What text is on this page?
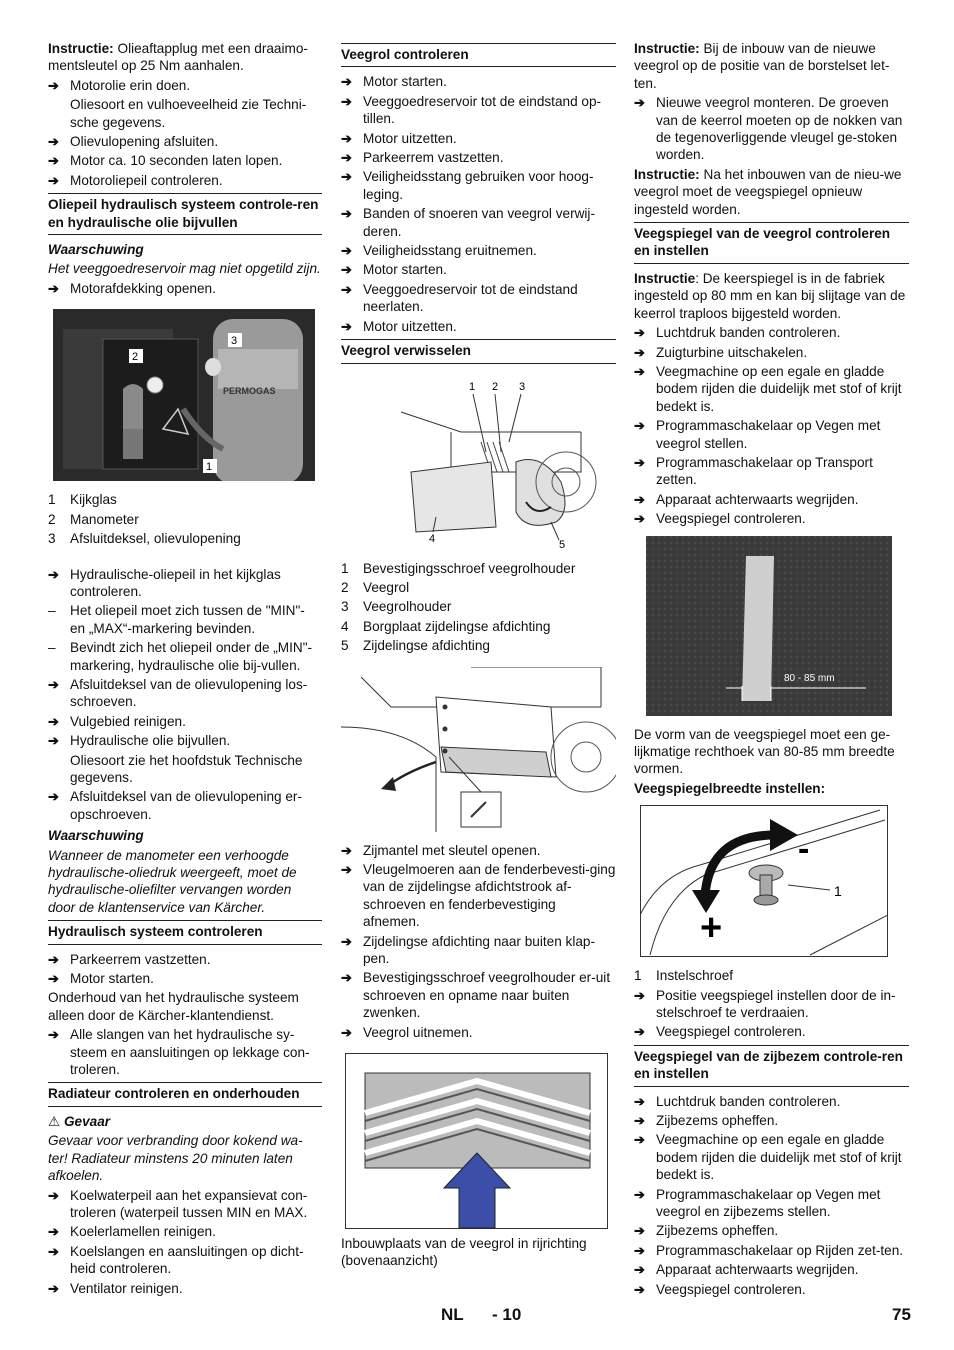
Instructie: Olieaftapplug met een draaimo-mentsleutel op 25 Nm aanhalen.

➔ Motorolie erin doen.
Oliesoort en vulhoeveelheid zie Techni-sche gegevens.
➔ Olievulopening afsluiten.
➔ Motor ca. 10 seconden laten lopen.
➔ Motoroliepeil controleren.
Oliepeil hydraulisch systeem controle-ren en hydraulische olie bijvullen
Waarschuwing
Het veeggoedreservoir mag niet opgetild zijn.
➔ Motorafdekking openen.
PERMOGAS
2
3
1
1 Kijkglas
2 Manometer
3 Afsluitdeksel, olievulopening
➔ Hydraulische-oliepeil in het kijkglas controleren.
– Het oliepeil moet zich tussen de "MIN"- en „MAX“-markering bevinden.
– Bevindt zich het oliepeil onder de „MIN"-markering, hydraulische olie bij-vullen.
➔ Afsluitdeksel van de olievulopening los-schroeven.
➔ Vulgebied reinigen.
➔ Hydraulische olie bijvullen.
Oliesoort zie het hoofdstuk Technische gegevens.
➔ Afsluitdeksel van de olievulopening er-opschroeven.
Waarschuwing
Wanneer de manometer een verhoogde hydraulische-oliedruk weergeeft, moet de hydraulische-oliefilter vervangen worden door de klantenservice van Kärcher.
Hydraulisch systeem controleren
➔ Parkeerrem vastzetten.
➔ Motor starten.

Onderhoud van het hydraulische systeem alleen door de Kärcher-klantendienst.

➔ Alle slangen van het hydraulische sy-steem en aansluitingen op lekkage con-troleren.
Radiateur controleren en onderhouden
⚠ Gevaar
Gevaar voor verbranding door kokend wa-ter! Radiateur minstens 20 minuten laten afkoelen.
➔ Koelwaterpeil aan het expansievat con-troleren (waterpeil tussen MIN en MAX.
➔ Koelerlamellen reinigen.
➔ Koelslangen en aansluitingen op dicht-heid controleren.
➔ Ventilator reinigen.
Veegrol controleren
➔ Motor starten.
➔ Veeggoedreservoir tot de eindstand op-tillen.
➔ Motor uitzetten.
➔ Parkeerrem vastzetten.
➔ Veiligheidsstang gebruiken voor hoog-leging.
➔ Banden of snoeren van veegrol verwij-deren.
➔ Veiligheidsstang eruitnemen.
➔ Motor starten.
➔ Veeggoedreservoir tot de eindstand neerlaten.
➔ Motor uitzetten.
Veegrol verwisselen
1 2 3
4	5
1 Bevestigingsschroef veegrolhouder
2 Veegrol
3 Veegrolhouder
4 Borgplaat zijdelingse afdichting
5 Zijdelingse afdichting
➔ Zijmantel met sleutel openen.
➔ Vleugelmoeren aan de fenderbevesti-ging van de zijdelingse afdichtstrook af-schroeven en fenderbevestiging afnemen.
➔ Zijdelingse afdichting naar buiten klap-pen.
➔ Bevestigingsschroef veegrolhouder er-uit schroeven en opname naar buiten zwenken.
➔ Veegrol uitnemen.
Inbouwplaats van de veegrol in rijrichting (bovenaanzicht)

Instructie: Bij de inbouw van de nieuwe veegrol op de positie van de borstelset let-ten.

➔ Nieuwe veegrol monteren. De groeven van de keerrol moeten op de nokken van de tegenoverliggende vleugel ge-stoken worden.

Instructie: Na het inbouwen van de nieu-we veegrol moet de veegspiegel opnieuw ingesteld worden.

Veegspiegel van de veegrol controleren en instellen

Instructie: De keerspiegel is in de fabriek ingesteld op 80 mm en kan bij slijtage van de keerrol traploos bijgesteld worden.

➔ Luchtdruk banden controleren.
➔ Zuigturbine uitschakelen.
➔ Veegmachine op een egale en gladde bodem rijden die duidelijk met stof of krijt bedekt is.
➔ Programmaschakelaar op Vegen met veegrol stellen.
➔ Programmaschakelaar op Transport zetten.
➔ Apparaat achterwaarts wegrijden.
➔ Veegspiegel controleren.
80 - 85 mm

De vorm van de veegspiegel moet een ge-lijkmatige rechthoek van 80-85 mm breedte vormen.

Veegspiegelbreedte instellen:

1
-
+
1 Instelschroef
➔ Positie veegspiegel instellen door de in-stelschroef te verdraaien.
➔ Veegspiegel controleren.
Veegspiegel van de zijbezem controle-ren en instellen
➔ Luchtdruk banden controleren.
➔ Zijbezems opheffen.
➔ Veegmachine op een egale en gladde bodem rijden die duidelijk met stof of krijt bedekt is.
➔ Programmaschakelaar op Vegen met veegrol en zijbezems stellen.
➔ Zijbezems opheffen.
➔ Programmaschakelaar op Rijden zet-ten.
➔ Apparaat achterwaarts wegrijden.
➔ Veegspiegel controleren.
NL - 10	75
